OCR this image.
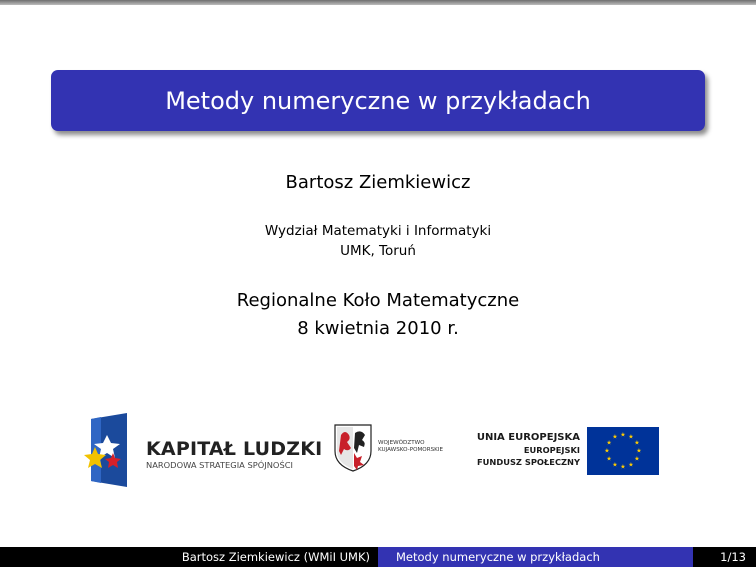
Metody numeryczne w przykładach
Bartosz Ziemkiewicz
Wydział Matematyki i Informatyki
UMK, Toruń
Regionalne Koło Matematyczne
8 kwietnia 2010 r.
KAPITAŁ LUDZKI
NARODOWA STRATEGIA SPÓJNOŚCI
WOJEWÓDZTWO
KUJAWSKO-POMORSKIE
UNIA EUROPEJSKA
EUROPEJSKI
FUNDUSZ SPOŁECZNY
★ ★
★
★
★
★
★
★
★
★
★
★
Bartosz Ziemkiewicz (WMiI UMK) Metody numeryczne w przykładach	1/13
